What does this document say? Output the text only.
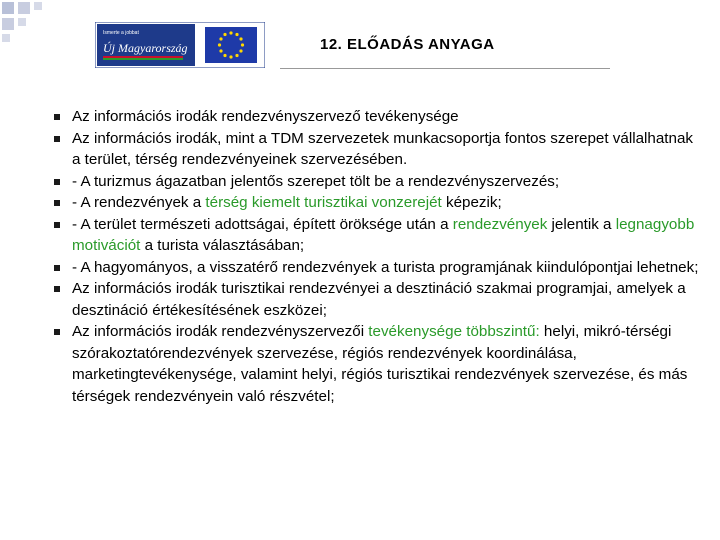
Ismerte a jobbat
Új Magyarország	12. ELŐADÁS ANYAGA
Az információs irodák rendezvényszervező tevékenysége
Az információs irodák, mint a TDM szervezetek munkacsoportja fontos szerepet vállalhatnak a terület, térség rendezvényeinek szervezésében.
- A turizmus ágazatban jelentős szerepet tölt be a rendezvényszervezés;
- A rendezvények a térség kiemelt turisztikai vonzerejét képezik;
- A terület természeti adottságai, épített öröksége után a rendezvények jelentik a legnagyobb motivációt a turista választásában;
- A hagyományos, a visszatérő rendezvények a turista programjának kiindulópontjai lehetnek;
Az információs irodák turisztikai rendezvényei a desztináció szakmai programjai, amelyek a desztináció értékesítésének eszközei;
Az információs irodák rendezvényszervezői tevékenysége többszintű: helyi, mikró-térségi szórakoztatórendezvények szervezése, régiós rendezvények koordinálása, marketingtevékenysége, valamint helyi, régiós turisztikai rendezvények szervezése, és más térségek rendezvényein való részvétel;
